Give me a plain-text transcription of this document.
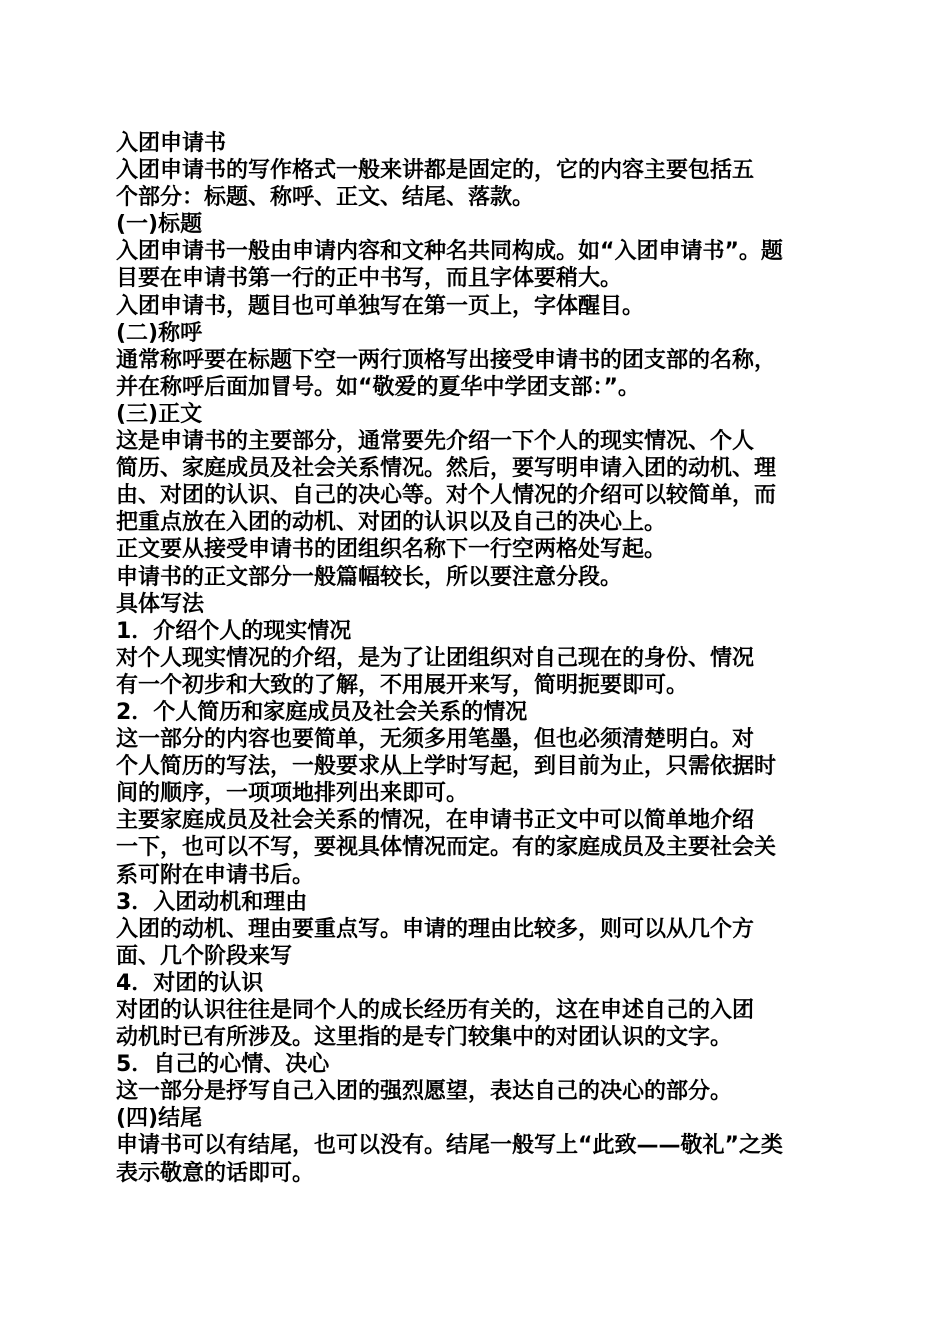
入团申请书
入团申请书的写作格式一般来讲都是固定的，它的内容主要包括五
个部分：标题、称呼、正文、结尾、落款。
(一)标题
入团申请书一般由申请内容和文种名共同构成。如“入团申请书”。题
目要在申请书第一行的正中书写，而且字体要稍大。
入团申请书，题目也可单独写在第一页上，字体醒目。
(二)称呼
通常称呼要在标题下空一两行顶格写出接受申请书的团支部的名称，
并在称呼后面加冒号。如“敬爱的夏华中学团支部：”。
(三)正文
这是申请书的主要部分，通常要先介绍一下个人的现实情况、个人
简历、家庭成员及社会关系情况。然后，要写明申请入团的动机、理
由、对团的认识、自己的决心等。对个人情况的介绍可以较简单，而
把重点放在入团的动机、对团的认识以及自己的决心上。
正文要从接受申请书的团组织名称下一行空两格处写起。
申请书的正文部分一般篇幅较长，所以要注意分段。
具体写法
1．介绍个人的现实情况
对个人现实情况的介绍，是为了让团组织对自己现在的身份、情况
有一个初步和大致的了解，不用展开来写，简明扼要即可。
2．个人简历和家庭成员及社会关系的情况
这一部分的内容也要简单，无须多用笔墨，但也必须清楚明白。对
个人简历的写法，一般要求从上学时写起，到目前为止，只需依据时
间的顺序，一项项地排列出来即可。
主要家庭成员及社会关系的情况，在申请书正文中可以简单地介绍
一下，也可以不写，要视具体情况而定。有的家庭成员及主要社会关
系可附在申请书后。
3．入团动机和理由
入团的动机、理由要重点写。申请的理由比较多，则可以从几个方
面、几个阶段来写
4．对团的认识
对团的认识往往是同个人的成长经历有关的，这在申述自己的入团
动机时已有所涉及。这里指的是专门较集中的对团认识的文字。
5．自己的心情、决心
这一部分是抒写自己入团的强烈愿望，表达自己的决心的部分。
(四)结尾
申请书可以有结尾，也可以没有。结尾一般写上“此致——敬礼”之类
表示敬意的话即可。
